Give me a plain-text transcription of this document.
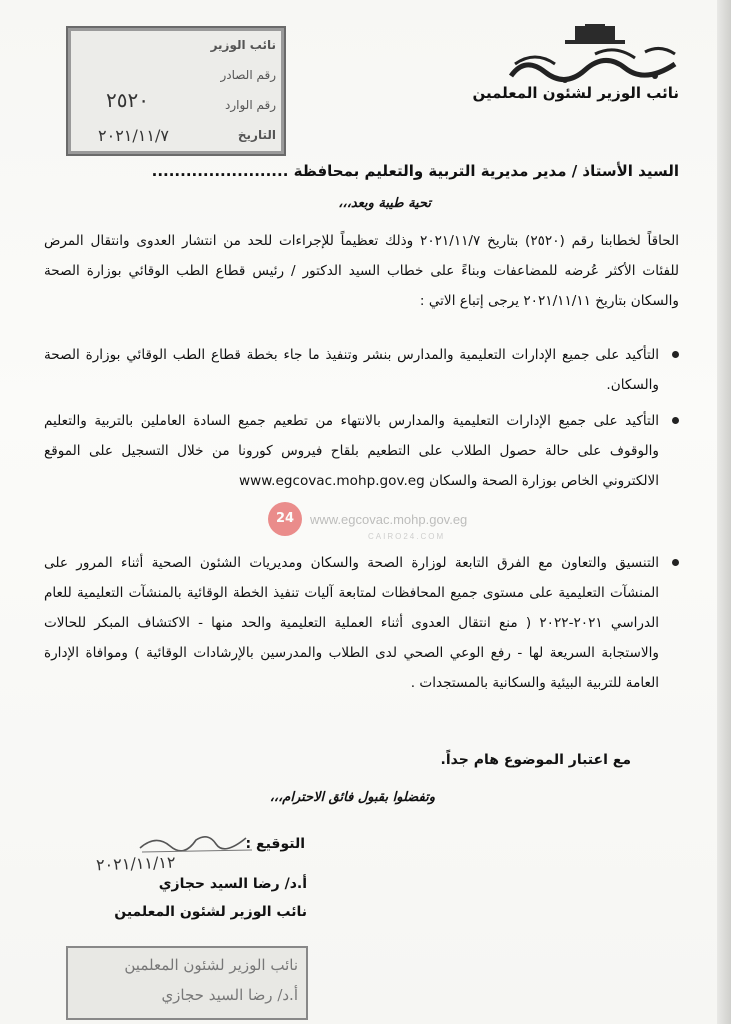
نائب الوزير لشئون المعلمين
نائب الوزير
رقم الصادر
٢٥٢٠	رقم الوارد
التاريخ
٢٠٢١/١١/٧
السيد الأستاذ / مدير مديرية التربية والتعليم بمحافظة ........................
تحية طيبة وبعد،،،
الحاقاً لخطابنا رقم (٢٥٢٠) بتاريخ ٢٠٢١/١١/٧ وذلك تعظيماً للإجراءات للحد من انتشار العدوى وانتقال المرض للفئات الأكثر عُرضه للمضاعفات وبناءً على خطاب السيد الدكتور / رئيس قطاع الطب الوقائي بوزارة الصحة والسكان بتاريخ ٢٠٢١/١١/١١ يرجى إتباع الاتي :
التأكيد على جميع الإدارات التعليمية والمدارس بنشر وتنفيذ ما جاء بخطة قطاع الطب الوقائي بوزارة الصحة والسكان.
التأكيد على جميع الإدارات التعليمية والمدارس بالانتهاء من تطعيم جميع السادة العاملين بالتربية والتعليم والوقوف على حالة حصول الطلاب على التطعيم بلقاح فيروس كورونا من خلال التسجيل على الموقع الالكتروني الخاص بوزارة الصحة والسكان www.egcovac.mohp.gov.eg
التنسيق والتعاون مع الفرق التابعة لوزارة الصحة والسكان ومديريات الشئون الصحية أثناء المرور على المنشآت التعليمية على مستوى جميع المحافظات لمتابعة آليات تنفيذ الخطة الوقائية بالمنشآت التعليمية للعام الدراسي ٢٠٢١-٢٠٢٢ ( منع انتقال العدوى أثناء العملية التعليمية والحد منها - الاكتشاف المبكر للحالات والاستجابة السريعة لها - رفع الوعي الصحي لدى الطلاب والمدرسين بالإرشادات الوقائية ) وموافاة الإدارة العامة للتربية البيئية والسكانية بالمستجدات .
24	www.egcovac.mohp.gov.eg
CAIRO24.COM
مع اعتبار الموضوع هام جداً.
وتفضلوا بقبول فائق الاحترام،،،
التوقيع :
٢٠٢١/١١/١٢
أ.د/ رضا السيد حجازي
نائب الوزير لشئون المعلمين
نائب الوزير لشئون المعلمين
أ.د/ رضا السيد حجازي
